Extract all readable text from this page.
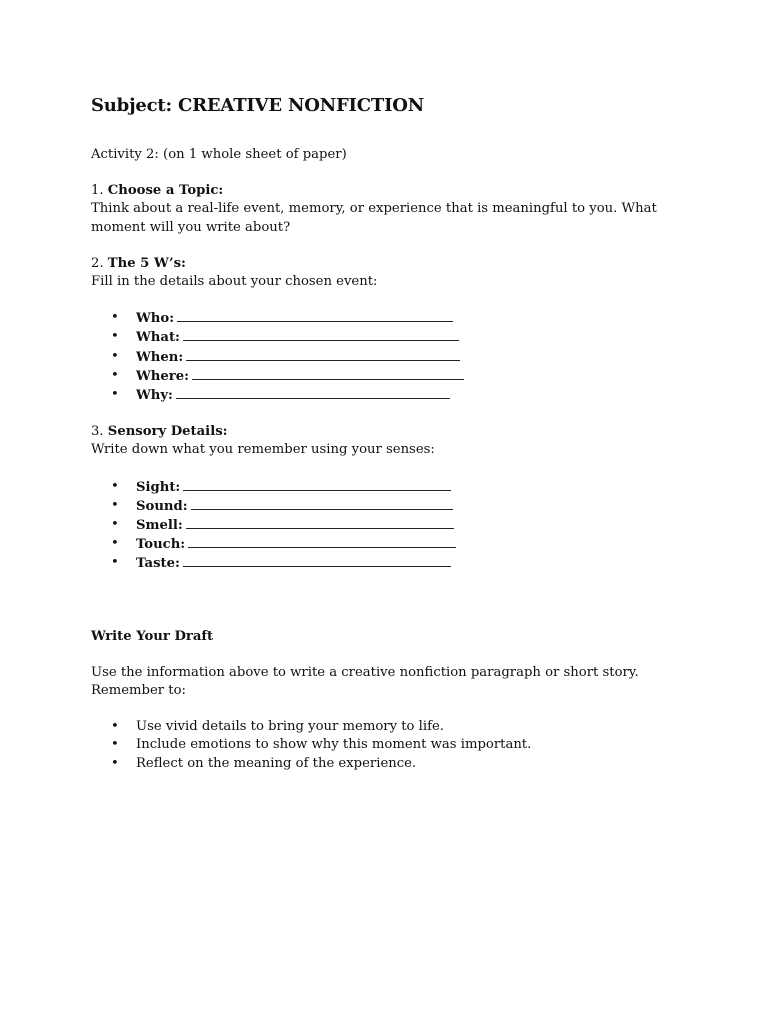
Subject: CREATIVE NONFICTION

Activity 2: (on 1 whole sheet of paper)

1. Choose a Topic:

Think about a real-life event, memory, or experience that is meaningful to you. What

moment will you write about?

2. The 5 W’s:

Fill in the details about your chosen event:

• Who:
• What:
• When:
• Where:
• Why:

3. Sensory Details:

Write down what you remember using your senses:

• Sight:
• Sound:
• Smell:
• Touch:
• Taste:

Write Your Draft

Use the information above to write a creative nonfiction paragraph or short story.

Remember to:

• Use vivid details to bring your memory to life.
• Include emotions to show why this moment was important.
• Reflect on the meaning of the experience.
